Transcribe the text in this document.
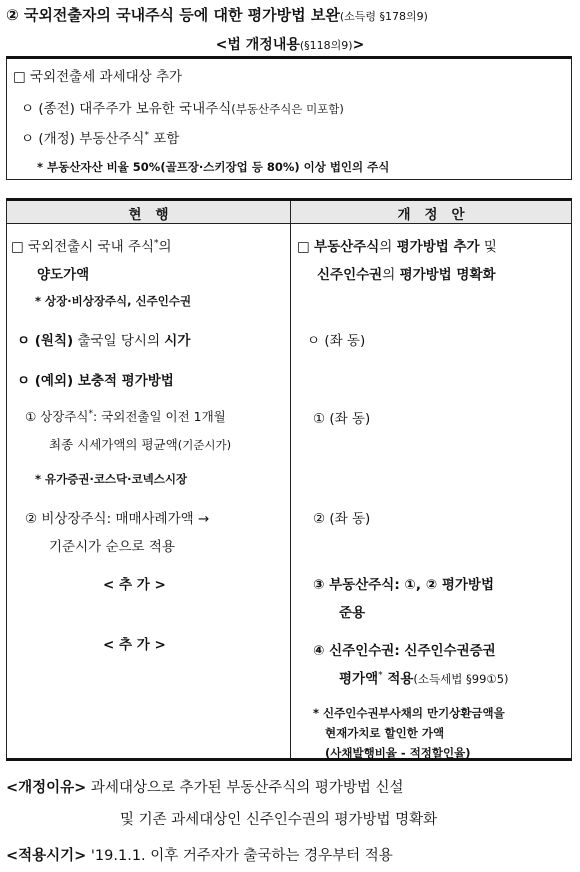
② 국외전출자의 국내주식 등에 대한 평가방법 보완(소득령 §178의9)
<법 개정내용(§118의9)>
□ 국외전출세 과세대상 추가
ㅇ (종전) 대주주가 보유한 국내주식(부동산주식은 미포함)
ㅇ (개정) 부동산주식* 포함
* 부동산자산 비율 50%(골프장·스키장업 등 80%) 이상 법인의 주식
현행	개정안
□ 국외전출시 국내 주식*의
양도가액
* 상장·비상장주식, 신주인수권
ㅇ (원칙) 출국일 당시의 시가
ㅇ (예외) 보충적 평가방법
① 상장주식*: 국외전출일 이전 1개월
최종 시세가액의 평균액(기준시가)
* 유가증권·코스닥·코넥스시장
② 비상장주식: 매매사례가액 →
기준시가 순으로 적용
< 추 가 >
< 추 가 >
□ 부동산주식의 평가방법 추가 및
신주인수권의 평가방법 명확화
ㅇ (좌 동)
① (좌 동)
② (좌 동)
③ 부동산주식: ①, ② 평가방법
준용
④ 신주인수권: 신주인수권증권
평가액* 적용(소득세법 §99①5)
* 신주인수권부사채의 만기상환금액을
현재가치로 할인한 가액
(사채발행비율 - 적정할인율)
<개정이유> 과세대상으로 추가된 부동산주식의 평가방법 신설
및 기존 과세대상인 신주인수권의 평가방법 명확화
<적용시기> '19.1.1. 이후 거주자가 출국하는 경우부터 적용
